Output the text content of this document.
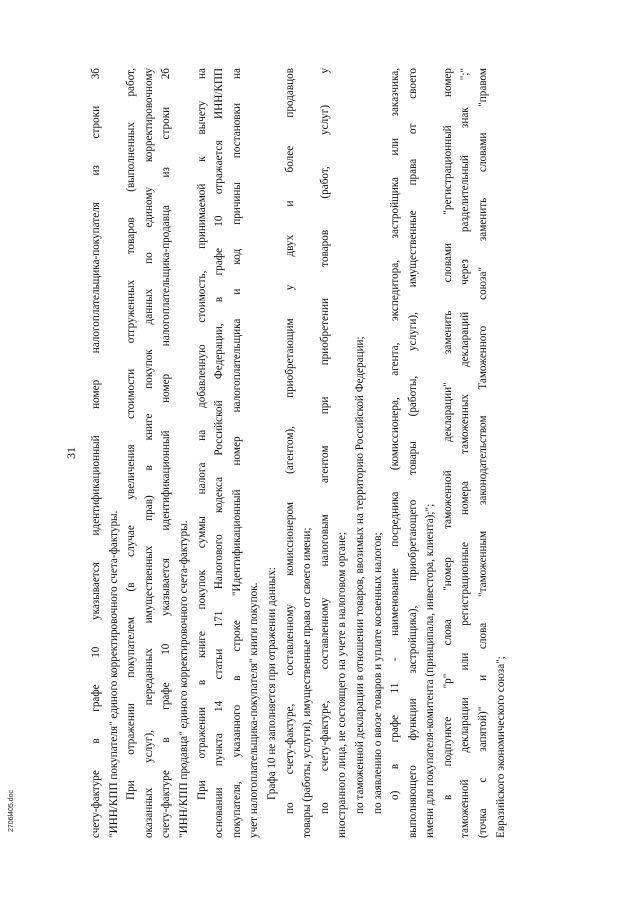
31 счету-фактуре в графе 10 указывается идентификационный номер налогоплательщика-покупателя из строки 3б "ИНН/КПП покупателя" единого корректировочного счета-фактуры. При отражении покупателем (в случае увеличения стоимости отгруженных товаров (выполненных работ, оказанных услуг), переданных имущественных прав) в книге покупок данных по единому корректировочному счету-фактуре в графе 10 указывается идентификационный номер налогоплательщика-продавца из строки 2б "ИНН/КПП продавца" единого корректировочного счета-фактуры. При отражении в книге покупок суммы налога на добавленную стоимость, принимаемой к вычету на основании пункта 14 статьи 171 Налогового кодекса Российской Федерации, в графе 10 отражается ИНН/КПП покупателя, указанного в строке "Идентификационный номер налогоплательщика и код причины постановки на учет налогоплательщика-покупателя" книги покупок. Графа 10 не заполняется при отражении данных: по счету-фактуре, составленному комиссионером (агентом), приобретающим у двух и более продавцов товары (работы, услуги), имущественные права от своего имени; по счету-фактуре, составленному налоговым агентом при приобретении товаров (работ, услуг) у иностранного лица, не состоящего на учете в налоговом органе; по таможенной декларации в отношении товаров, ввозимых на территорию Российской Федерации; по заявлению о ввозе товаров и уплате косвенных налогов; о) в графе 11 - наименование посредника (комиссионера, агента, экспедитора, застройщика или заказчика, выполняющего функции застройщика), приобретающего товары (работы, услуги), имущественные права от своего имени для покупателя-комитента (принципала, инвестора, клиента);"; в подпункте "р" слова "номер таможенной декларации" заменить словами "регистрационный номер таможенной декларации или регистрационные номера таможенных деклараций через разделительный знак ";" (точка с запятой)" и слова "таможенным законодательством Таможенного союза" заменить словами "правом Евразийского экономического союза";
2706l405.doc
